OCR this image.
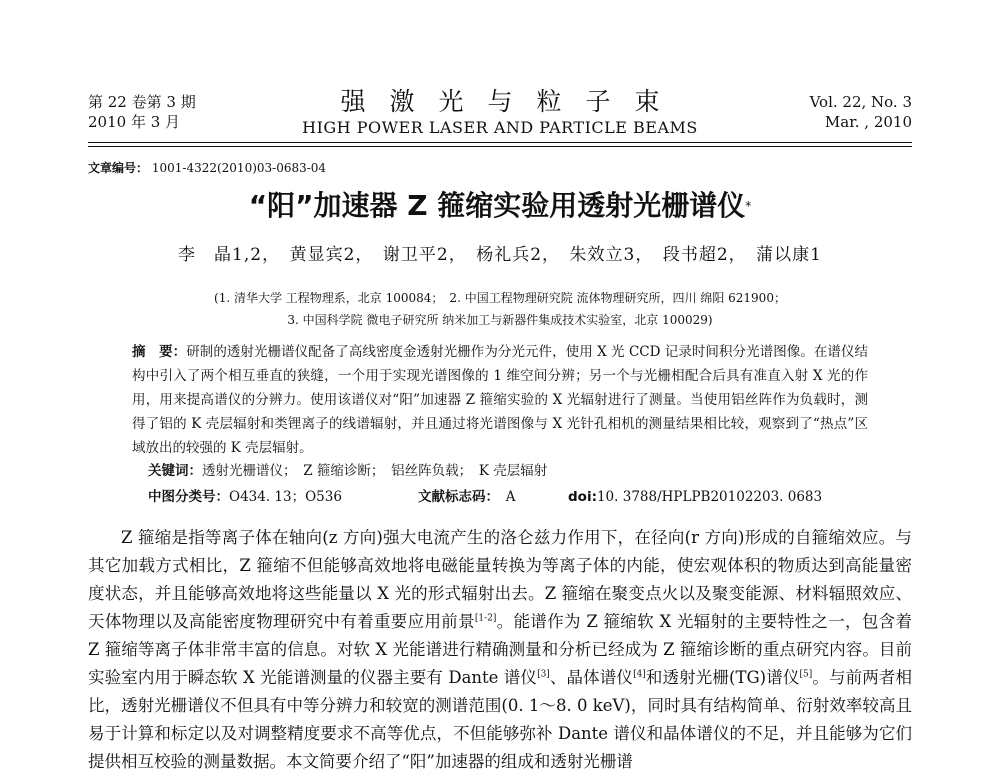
第 22 卷第 3 期
2010 年 3 月
强激光与粒子束
HIGH POWER LASER AND PARTICLE BEAMS
Vol. 22, No. 3
Mar. , 2010
文章编号： 1001-4322(2010)03-0683-04
“阳”加速器 Z 箍缩实验用透射光栅谱仪*
李　晶1,2，　黄显宾2，　谢卫平2，　杨礼兵2，　朱效立3，　段书超2，　蒲以康1
(1. 清华大学 工程物理系，北京 100084；　2. 中国工程物理研究院 流体物理研究所，四川 绵阳 621900；
3. 中国科学院 微电子研究所 纳米加工与新器件集成技术实验室，北京 100029)
摘　要：研制的透射光栅谱仪配备了高线密度金透射光栅作为分光元件，使用 X 光 CCD 记录时间积分光谱图像。在谱仪结构中引入了两个相互垂直的狭缝，一个用于实现光谱图像的 1 维空间分辨；另一个与光栅相配合后具有准直入射 X 光的作用，用来提高谱仪的分辨力。使用该谱仪对“阳”加速器 Z 箍缩实验的 X 光辐射进行了测量。当使用铝丝阵作为负载时，测得了铝的 K 壳层辐射和类锂离子的线谱辐射，并且通过将光谱图像与 X 光针孔相机的测量结果相比较，观察到了“热点”区域放出的较强的 K 壳层辐射。
关键词：透射光栅谱仪；　Z 箍缩诊断；　铝丝阵负载；　K 壳层辐射
中图分类号：O434. 13；O536	文献标志码：　 A	doi:10. 3788/HPLPB20102203. 0683
Z 箍缩是指等离子体在轴向(z 方向)强大电流产生的洛仑兹力作用下，在径向(r 方向)形成的自箍缩效应。与其它加载方式相比，Z 箍缩不但能够高效地将电磁能量转换为等离子体的内能，使宏观体积的物质达到高能量密度状态，并且能够高效地将这些能量以 X 光的形式辐射出去。Z 箍缩在聚变点火以及聚变能源、材料辐照效应、天体物理以及高能密度物理研究中有着重要应用前景[1-2]。能谱作为 Z 箍缩软 X 光辐射的主要特性之一，包含着 Z 箍缩等离子体非常丰富的信息。对软 X 光能谱进行精确测量和分析已经成为 Z 箍缩诊断的重点研究内容。目前实验室内用于瞬态软 X 光能谱测量的仪器主要有 Dante 谱仪[3]、晶体谱仪[4]和透射光栅(TG)谱仪[5]。与前两者相比，透射光栅谱仪不但具有中等分辨力和较宽的测谱范围(0. 1～8. 0 keV)，同时具有结构简单、衍射效率较高且易于计算和标定以及对调整精度要求不高等优点，不但能够弥补 Dante 谱仪和晶体谱仪的不足，并且能够为它们提供相互校验的测量数据。本文简要介绍了“阳”加速器的组成和透射光栅谱
